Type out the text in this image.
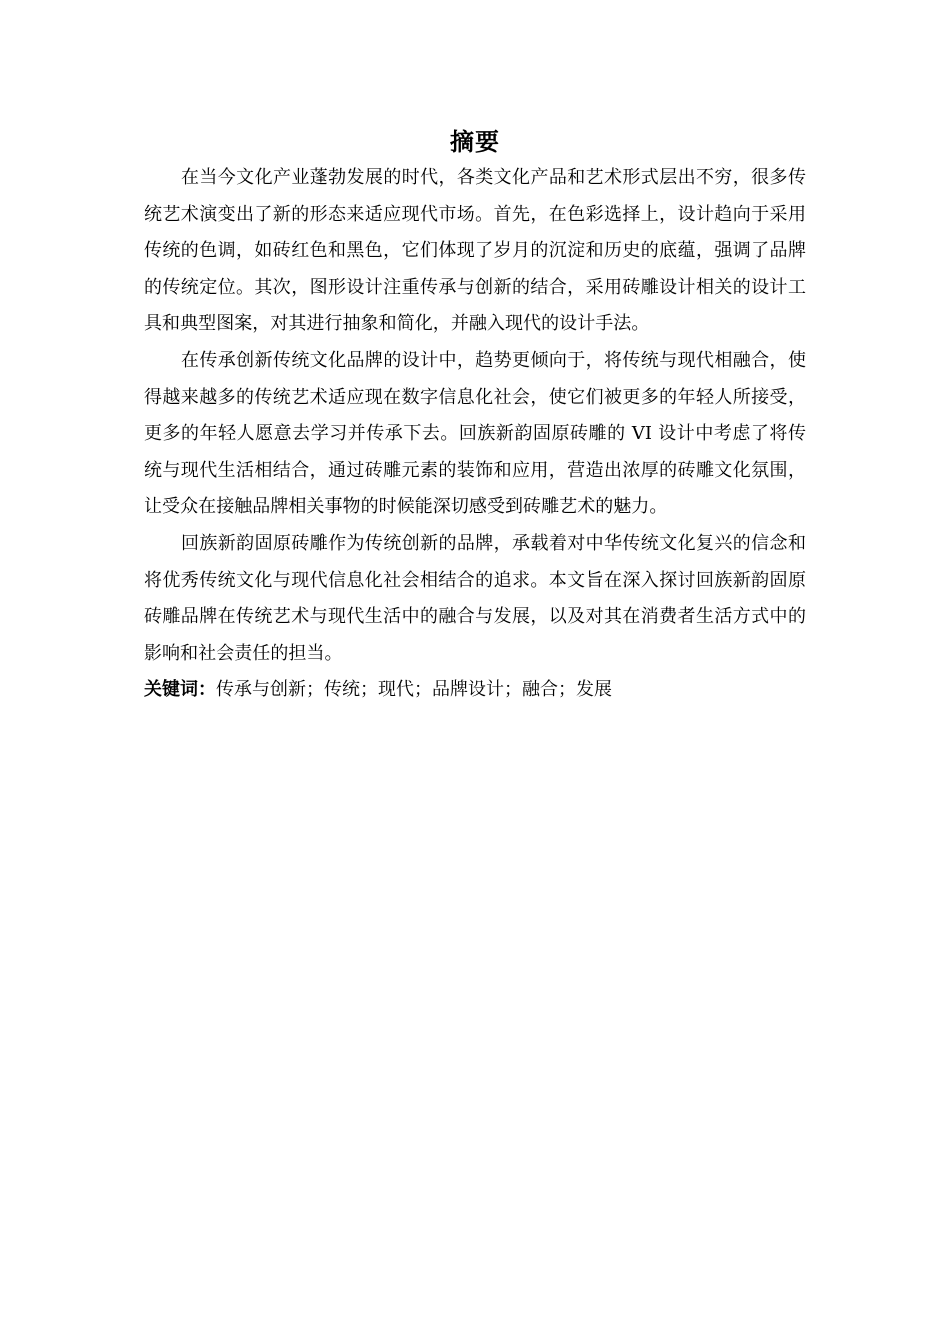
摘要

在当今文化产业蓬勃发展的时代，各类文化产品和艺术形式层出不穷，很多传统艺术演变出了新的形态来适应现代市场。首先，在色彩选择上，设计趋向于采用传统的色调，如砖红色和黑色，它们体现了岁月的沉淀和历史的底蕴，强调了品牌的传统定位。其次，图形设计注重传承与创新的结合，采用砖雕设计相关的设计工具和典型图案，对其进行抽象和简化，并融入现代的设计手法。

在传承创新传统文化品牌的设计中，趋势更倾向于，将传统与现代相融合，使得越来越多的传统艺术适应现在数字信息化社会，使它们被更多的年轻人所接受，更多的年轻人愿意去学习并传承下去。回族新韵固原砖雕的 VI 设计中考虑了将传统与现代生活相结合，通过砖雕元素的装饰和应用，营造出浓厚的砖雕文化氛围，让受众在接触品牌相关事物的时候能深切感受到砖雕艺术的魅力。

回族新韵固原砖雕作为传统创新的品牌，承载着对中华传统文化复兴的信念和将优秀传统文化与现代信息化社会相结合的追求。本文旨在深入探讨回族新韵固原砖雕品牌在传统艺术与现代生活中的融合与发展，以及对其在消费者生活方式中的影响和社会责任的担当。

关键词：传承与创新；传统；现代；品牌设计；融合；发展
